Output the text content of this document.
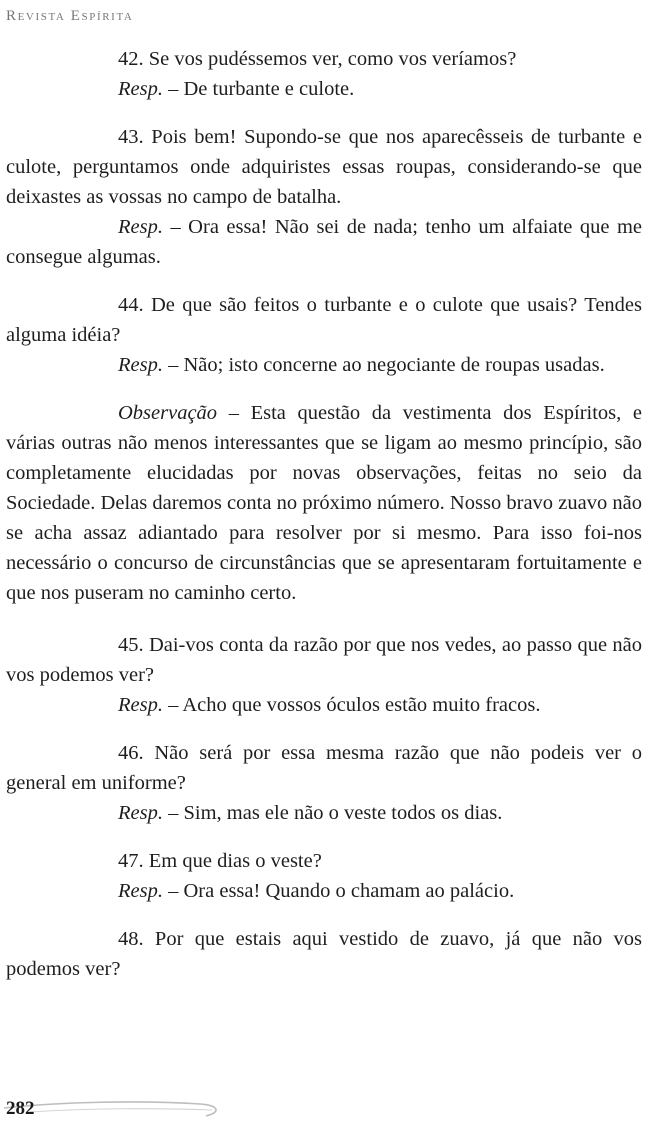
Revista Espírita

42. Se vos pudéssemos ver, como vos veríamos?

Resp. – De turbante e culote.

43. Pois bem! Supondo-se que nos aparecêsseis de turbante e culote, perguntamos onde adquiristes essas roupas, considerando-se que deixastes as vossas no campo de batalha.

Resp. – Ora essa! Não sei de nada; tenho um alfaiate que me consegue algumas.

44. De que são feitos o turbante e o culote que usais? Tendes alguma idéia?

Resp. – Não; isto concerne ao negociante de roupas usadas.

Observação – Esta questão da vestimenta dos Espíritos, e várias outras não menos interessantes que se ligam ao mesmo princípio, são completamente elucidadas por novas observações, feitas no seio da Sociedade. Delas daremos conta no próximo número. Nosso bravo zuavo não se acha assaz adiantado para resolver por si mesmo. Para isso foi-nos necessário o concurso de circunstâncias que se apresentaram fortuitamente e que nos puseram no caminho certo.

45. Dai-vos conta da razão por que nos vedes, ao passo que não vos podemos ver?

Resp. – Acho que vossos óculos estão muito fracos.

46. Não será por essa mesma razão que não podeis ver o general em uniforme?

Resp. – Sim, mas ele não o veste todos os dias.

47. Em que dias o veste?

Resp. – Ora essa! Quando o chamam ao palácio.

48. Por que estais aqui vestido de zuavo, já que não vos podemos ver?

282
